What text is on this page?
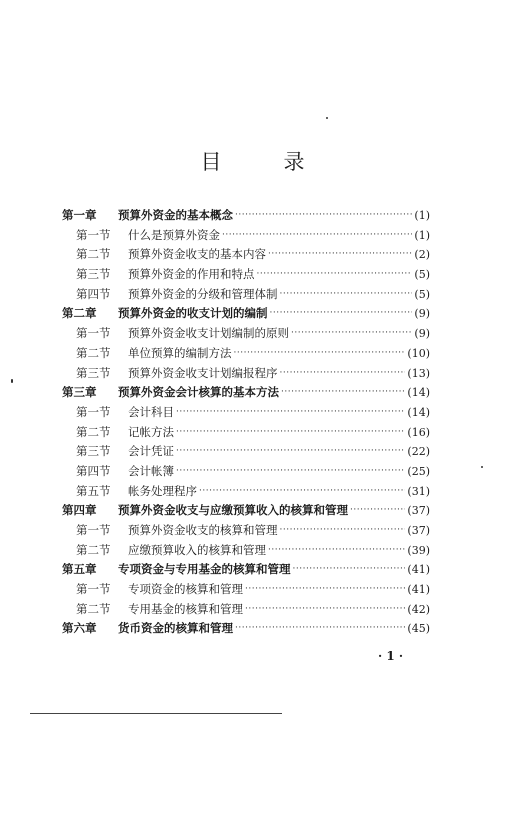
目录
第一章	预算外资金的基本概念 ·····	(1)
第一节	什么是预算外资金 ·····	(1)
第二节	预算外资金收支的基本内容 ·····	(2)
第三节	预算外资金的作用和特点 ·····	(5)
第四节	预算外资金的分级和管理体制 ·····	(5)
第二章	预算外资金的收支计划的编制 ·····	(9)
第一节	预算外资金收支计划编制的原则 ·····	(9)
第二节	单位预算的编制方法 ·····	(10)
第三节	预算外资金收支计划编报程序 ·····	(13)
第三章	预算外资金会计核算的基本方法 ·····	(14)
第一节	会计科目 ·····	(14)
第二节	记帐方法 ·····	(16)
第三节	会计凭证 ·····	(22)
第四节	会计帐簿 ·····	(25)
第五节	帐务处理程序 ·····	(31)
第四章	预算外资金收支与应缴预算收入的核算和管理 ·····	(37)
第一节	预算外资金收支的核算和管理 ·····	(37)
第二节	应缴预算收入的核算和管理 ·····	(39)
第五章	专项资金与专用基金的核算和管理 ·····	(41)
第一节	专项资金的核算和管理 ·····	(41)
第二节	专用基金的核算和管理 ·····	(42)
第六章	货币资金的核算和管理 ·····	(45)
· 1 ·
